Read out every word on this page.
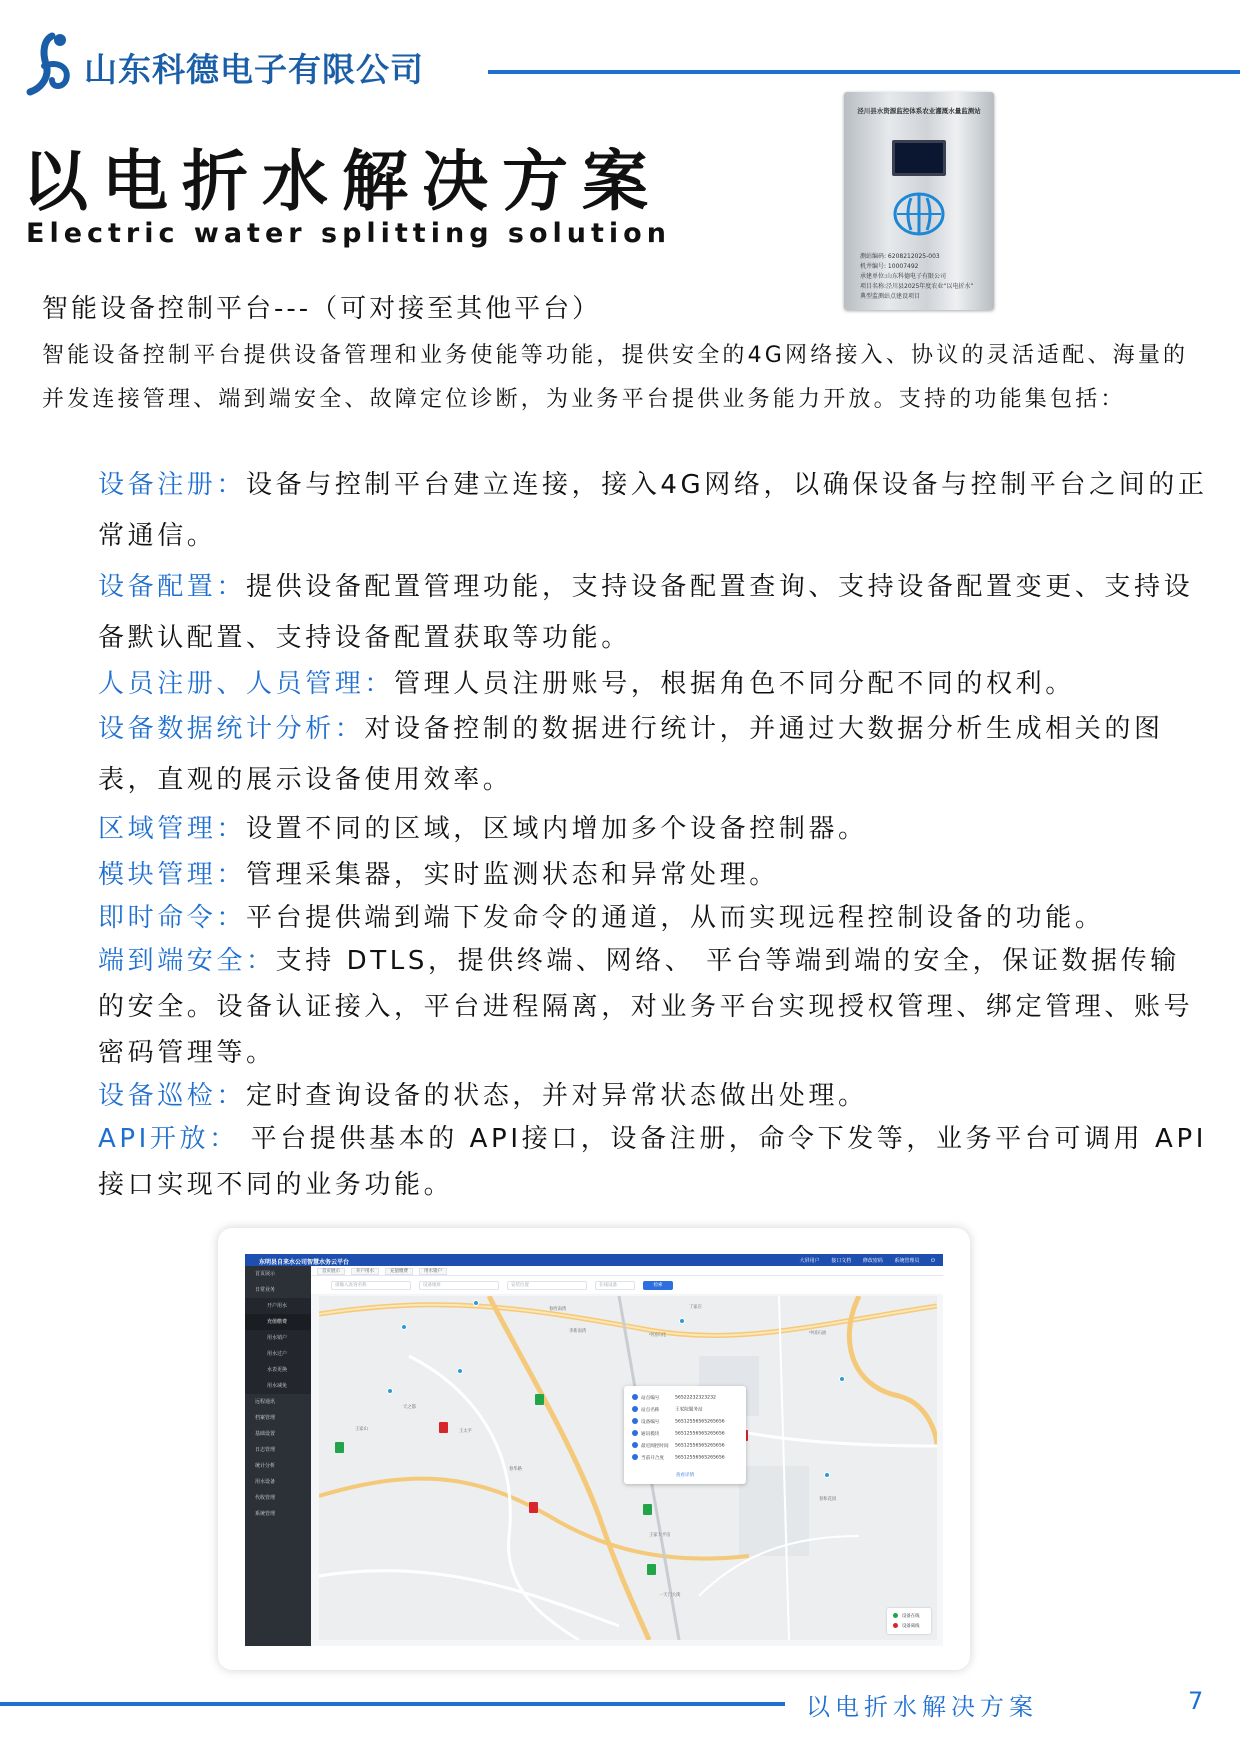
山东科德电子有限公司
以电折水解决方案
Electric water splitting solution
泾川县水资源监控体系农业灌溉水量监测站
测站编码: 6208212025-003
机井编号: 10007492
承建单位:山东科德电子有限公司
项目名称:泾川县2025年度农业“以电折水”
典型监测站点建设项目
智能设备控制平台---（可对接至其他平台）

智能设备控制平台提供设备管理和业务使能等功能，提供安全的4G网络接入、协议的灵活适配、海量的并发连接管理、端到端安全、故障定位诊断，为业务平台提供业务能力开放。支持的功能集包括：

设备注册：设备与控制平台建立连接，接入4G网络，以确保设备与控制平台之间的正常通信。

设备配置：提供设备配置管理功能，支持设备配置查询、支持设备配置变更、支持设备默认配置、支持设备配置获取等功能。

人员注册、人员管理：管理人员注册账号，根据角色不同分配不同的权利。

设备数据统计分析：对设备控制的数据进行统计，并通过大数据分析生成相关的图表，直观的展示设备使用效率。

区域管理：设置不同的区域，区域内增加多个设备控制器。

模块管理：管理采集器，实时监测状态和异常处理。

即时命令：平台提供端到端下发命令的通道，从而实现远程控制设备的功能。

端到端安全：支持 DTLS，提供终端、网络、 平台等端到端的安全，保证数据传输的安全。设备认证接入，平台进程隔离，对业务平台实现授权管理、绑定管理、账号密码管理等。

设备巡检：定时查询设备的状态，并对异常状态做出处理。

API开放： 平台提供基本的 API接口，设备注册，命令下发等，业务平台可调用 API接口实现不同的业务功能。

东明县自来水公司智慧水务云平台	大屏用户 接口文档 修改密码 系统管理员 ⏻
首页展示
日常业务
开户用水
充值缴费
用水销户
用水过户
水表更换
用水减免
远程通讯
档案管理
基础设置
日志管理
统计分析
用水设备
代收管理
系统管理
首页展示	开户用水	充值缴费	用水销户
请输入查询名称	设备地址	安装位置	在线设备	检索
春西南湾
李新南湾
中国石化
丁家庄
王太平
王家山
天之都
中国石油
春和花园
王家大平房
春华路
一天门大街
站点编号	56522232323232
站点名称	王家院服务站
设备编号	56512556565265656
通讯模块	56512556565265656
最近阀控时间 56512556565265656
当前开合度 56512556565265656
查看详情
设备在线
设备离线
以电折水解决方案	7
